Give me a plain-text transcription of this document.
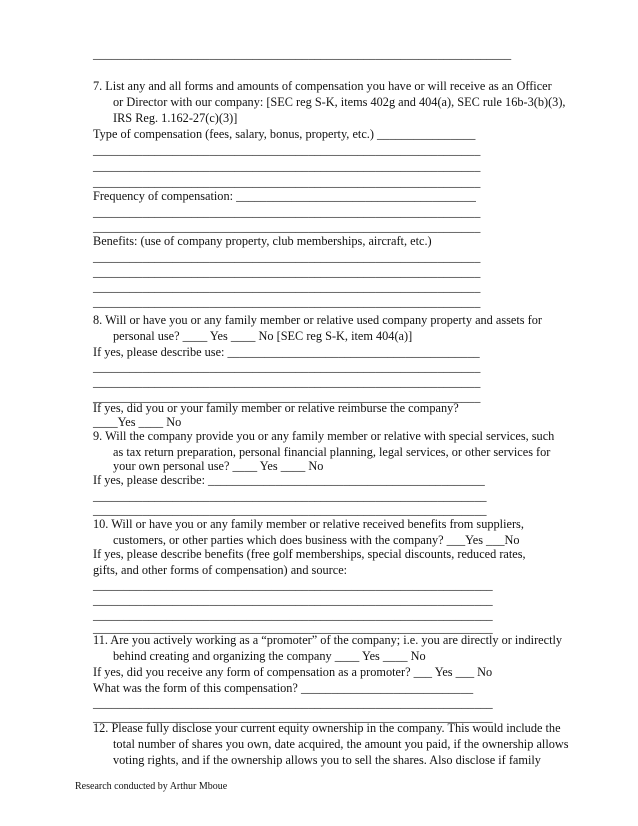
____________________________________________________________________
7. List any and all forms and amounts of compensation you have or will receive as an Officer
or Director with our company: [SEC reg S-K, items 402g and 404(a), SEC rule 16b-3(b)(3),
IRS Reg. 1.162-27(c)(3)]
Type of compensation (fees, salary, bonus, property, etc.) ________________
_______________________________________________________________
_______________________________________________________________
_______________________________________________________________
Frequency of compensation: _______________________________________
_______________________________________________________________
_______________________________________________________________
Benefits: (use of company property, club memberships, aircraft, etc.)
_______________________________________________________________
_______________________________________________________________
_______________________________________________________________
_______________________________________________________________
8. Will or have you or any family member or relative used company property and assets for
personal use? ____ Yes ____ No [SEC reg S-K, item 404(a)]
If yes, please describe use: _________________________________________
_______________________________________________________________
_______________________________________________________________
_______________________________________________________________
If yes, did you or your family member or relative reimburse the company?
____Yes ____ No
9. Will the company provide you or any family member or relative with special services, such
as tax return preparation, personal financial planning, legal services, or other services for
your own personal use? ____ Yes ____ No
If yes, please describe: _____________________________________________
________________________________________________________________
________________________________________________________________
10. Will or have you or any family member or relative received benefits from suppliers,
customers, or other parties which does business with the company? ___Yes ___No
If yes, please describe benefits (free golf memberships, special discounts, reduced rates,
gifts, and other forms of compensation) and source:
_________________________________________________________________
_________________________________________________________________
_________________________________________________________________
_________________________________________________________________
11. Are you actively working as a “promoter” of the company; i.e. you are directly or indirectly
behind creating and organizing the company ____ Yes ____ No
If yes, did you receive any form of compensation as a promoter? ___ Yes ___ No
What was the form of this compensation? ____________________________
_________________________________________________________________
_________________________________________________________________
12. Please fully disclose your current equity ownership in the company. This would include the
total number of shares you own, date acquired, the amount you paid, if the ownership allows
voting rights, and if the ownership allows you to sell the shares. Also disclose if family
Research conducted by Arthur Mboue
